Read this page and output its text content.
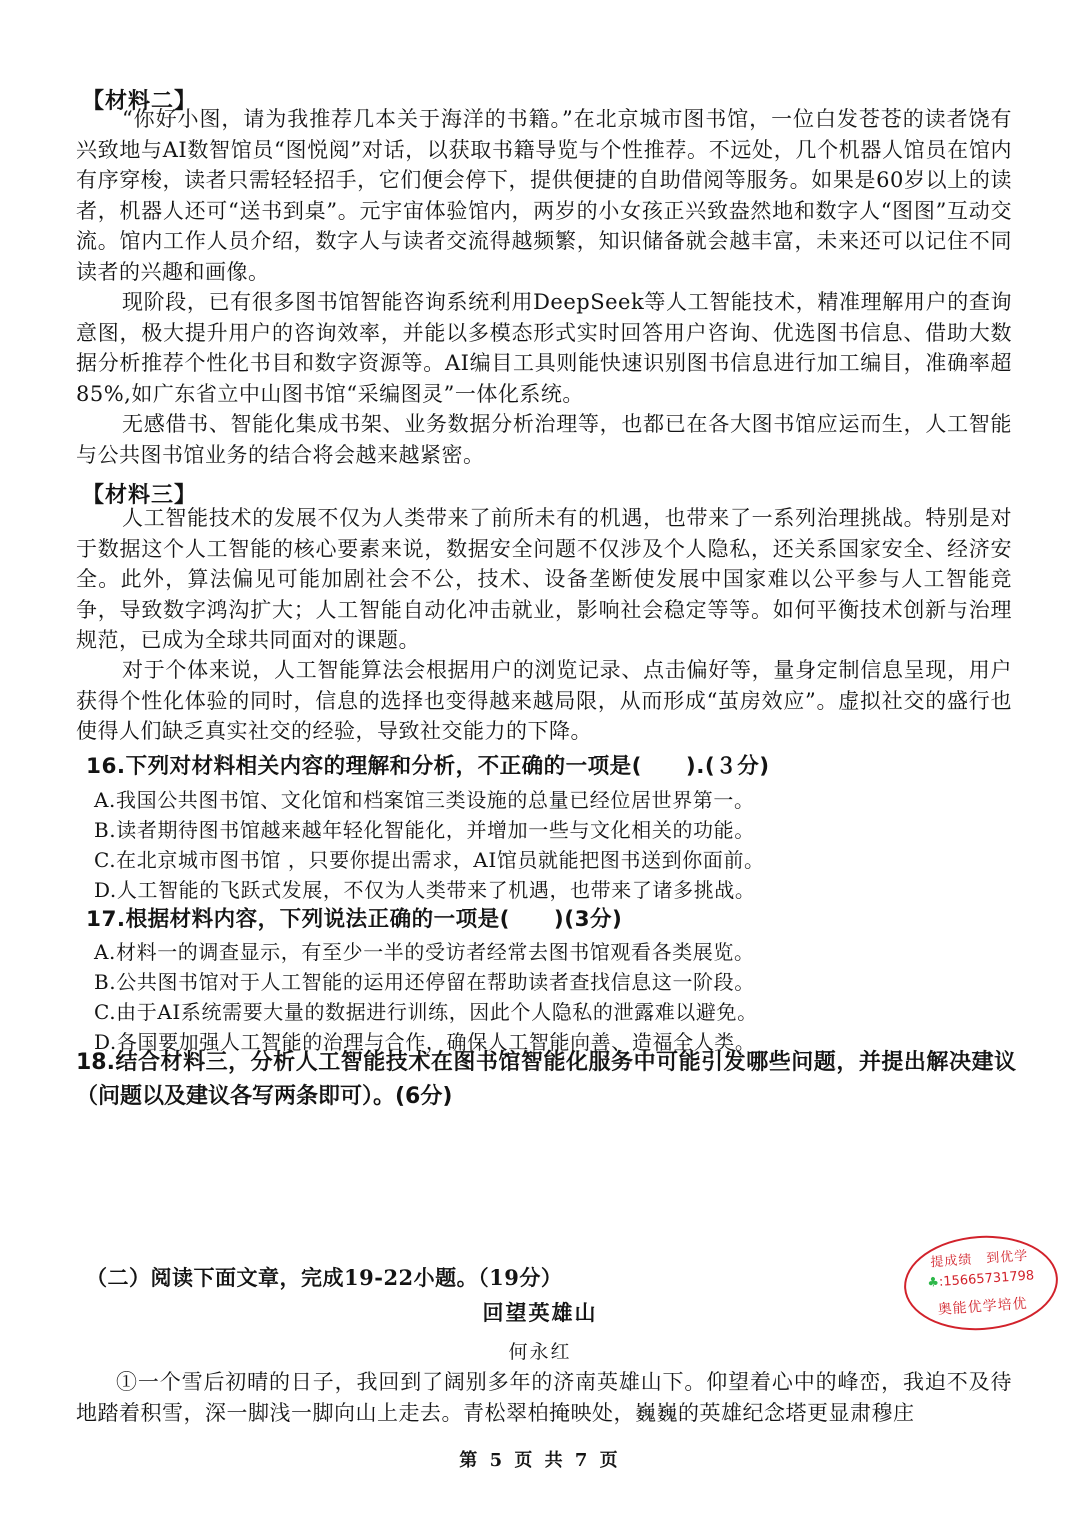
【材料二】

“你好小图，请为我推荐几本关于海洋的书籍。”在北京城市图书馆，一位白发苍苍的读者饶有兴致地与AI数智馆员“图悦阅”对话，以获取书籍导览与个性推荐。不远处，几个机器人馆员在馆内有序穿梭，读者只需轻轻招手，它们便会停下，提供便捷的自助借阅等服务。如果是60岁以上的读者，机器人还可“送书到桌”。元宇宙体验馆内，两岁的小女孩正兴致盎然地和数字人“图图”互动交流。馆内工作人员介绍，数字人与读者交流得越频繁，知识储备就会越丰富，未来还可以记住不同读者的兴趣和画像。

现阶段，已有很多图书馆智能咨询系统利用DeepSeek等人工智能技术，精准理解用户的查询意图，极大提升用户的咨询效率，并能以多模态形式实时回答用户咨询、优选图书信息、借助大数据分析推荐个性化书目和数字资源等。AI编目工具则能快速识别图书信息进行加工编目，准确率超85%,如广东省立中山图书馆“采编图灵”一体化系统。

无感借书、智能化集成书架、业务数据分析治理等，也都已在各大图书馆应运而生，人工智能与公共图书馆业务的结合将会越来越紧密。

【材料三】

人工智能技术的发展不仅为人类带来了前所未有的机遇，也带来了一系列治理挑战。特别是对于数据这个人工智能的核心要素来说，数据安全问题不仅涉及个人隐私，还关系国家安全、经济安全。此外，算法偏见可能加剧社会不公，技术、设备垄断使发展中国家难以公平参与人工智能竞争，导致数字鸿沟扩大；人工智能自动化冲击就业，影响社会稳定等等。如何平衡技术创新与治理规范，已成为全球共同面对的课题。

对于个体来说，人工智能算法会根据用户的浏览记录、点击偏好等，量身定制信息呈现，用户获得个性化体验的同时，信息的选择也变得越来越局限，从而形成“茧房效应”。虚拟社交的盛行也使得人们缺乏真实社交的经验，导致社交能力的下降。

16.下列对材料相关内容的理解和分析，不正确的一项是(　　).(３分)

A.我国公共图书馆、文化馆和档案馆三类设施的总量已经位居世界第一。

B.读者期待图书馆越来越年轻化智能化，并增加一些与文化相关的功能。

C.在北京城市图书馆 ，只要你提出需求，AI馆员就能把图书送到你面前。

D.人工智能的飞跃式发展，不仅为人类带来了机遇，也带来了诸多挑战。

17.根据材料内容，下列说法正确的一项是(　　)(3分)

A.材料一的调查显示，有至少一半的受访者经常去图书馆观看各类展览。

B.公共图书馆对于人工智能的运用还停留在帮助读者查找信息这一阶段。

C.由于AI系统需要大量的数据进行训练，因此个人隐私的泄露难以避免。

D.各国要加强人工智能的治理与合作，确保人工智能向善、造福全人类。

18.结合材料三，分析人工智能技术在图书馆智能化服务中可能引发哪些问题，并提出解决建议（问题以及建议各写两条即可）。(6分)

（二）阅读下面文章，完成19-22小题。（19分）
提成绩　到优学
♣:15665731798
奥能优学培优
回望英雄山
何永红

①一个雪后初晴的日子，我回到了阔别多年的济南英雄山下。仰望着心中的峰峦，我迫不及待地踏着积雪，深一脚浅一脚向山上走去。青松翠柏掩映处，巍巍的英雄纪念塔更显肃穆庄

第 5 页 共 7 页
